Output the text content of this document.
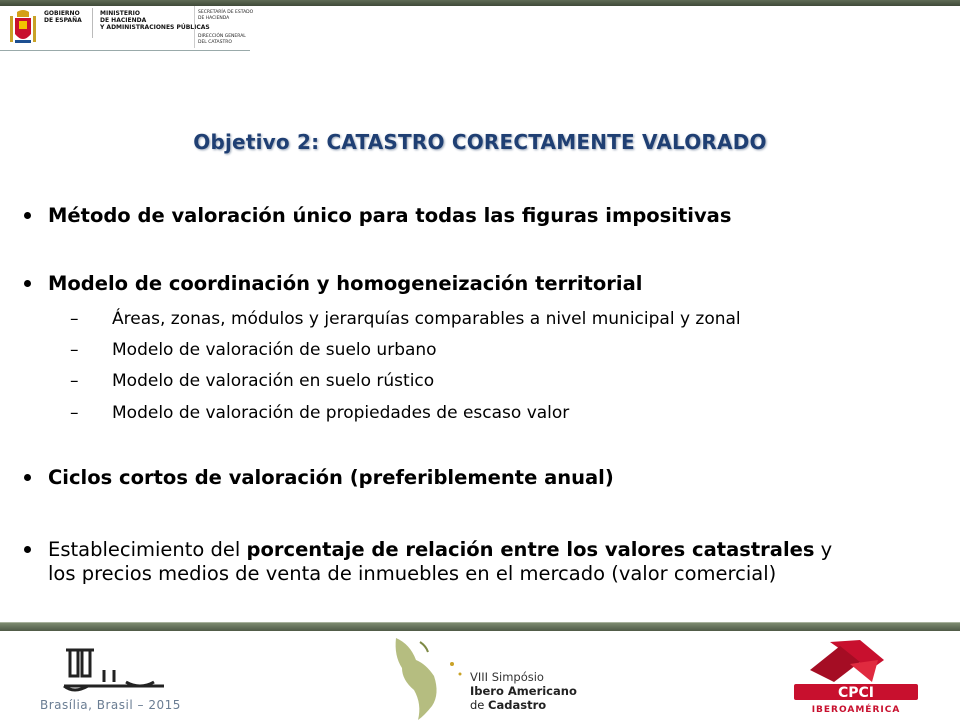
GOBIERNO
DE ESPAÑA
MINISTERIO
DE HACIENDA
Y ADMINISTRACIONES PÚBLICAS
SECRETARÍA DE ESTADO
DE HACIENDA
DIRECCIÓN GENERAL
DEL CATASTRO
Objetivo 2: CATASTRO CORECTAMENTE VALORADO
Método de valoración único para todas las figuras impositivas
Modelo de coordinación y homogeneización territorial
– Áreas, zonas, módulos y jerarquías comparables a nivel municipal y zonal
– Modelo de valoración de suelo urbano
– Modelo de valoración en suelo rústico
– Modelo de valoración de propiedades de escaso valor
Ciclos cortos de valoración (preferiblemente anual)
Establecimiento del porcentaje de relación entre los valores catastrales y
los precios medios de venta de inmuebles en el mercado (valor comercial)
Brasília, Brasil – 2015
VIII Simpósio
Ibero Americano
de Cadastro
CPCI
IBEROAMÉRICA
